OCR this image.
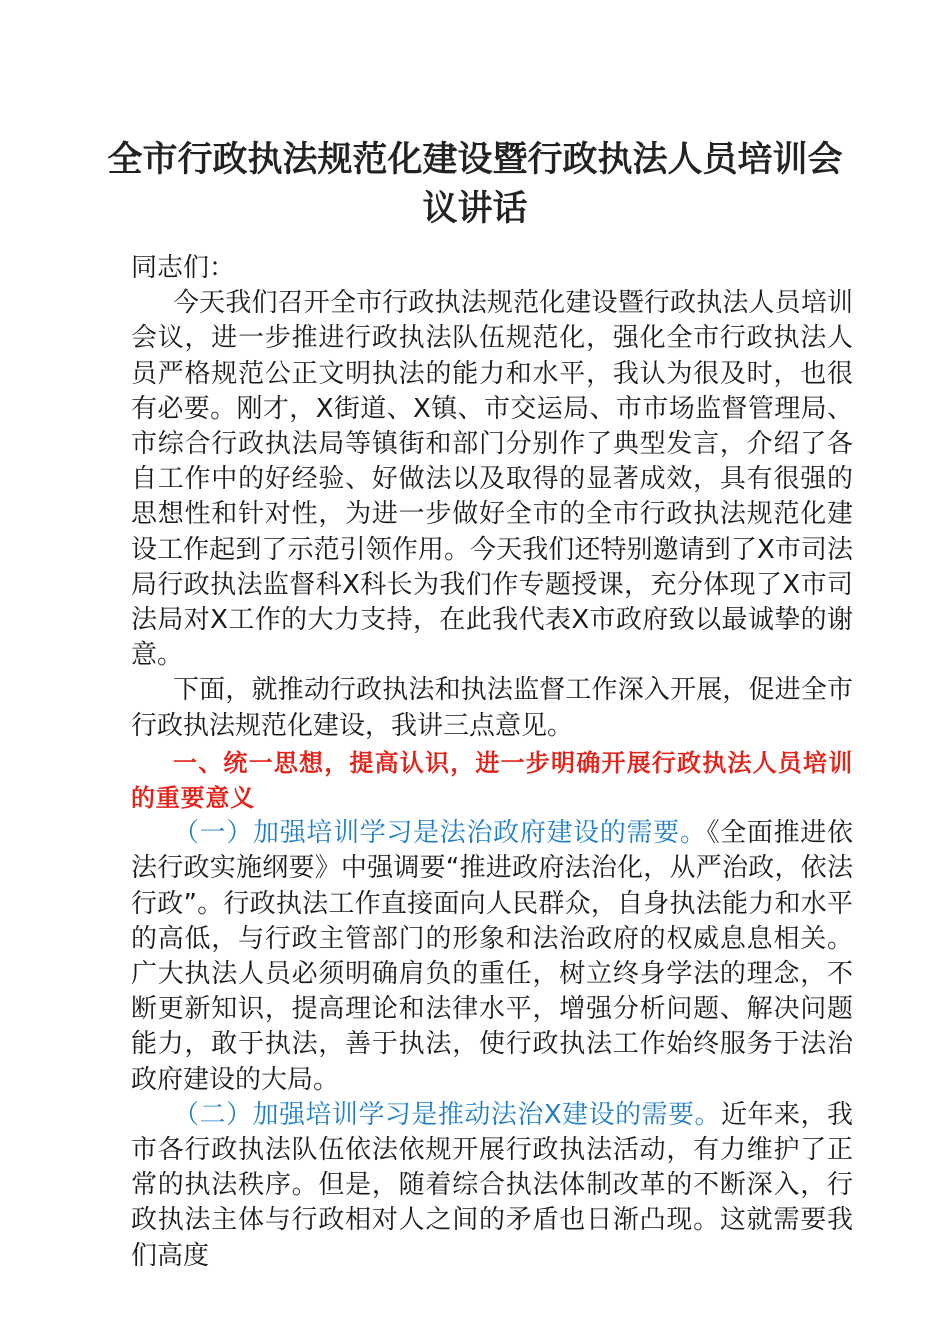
全市行政执法规范化建设暨行政执法人员培训会议讲话

同志们：

今天我们召开全市行政执法规范化建设暨行政执法人员培训会议，进一步推进行政执法队伍规范化，强化全市行政执法人员严格规范公正文明执法的能力和水平，我认为很及时，也很有必要。刚才，X街道、X镇、市交运局、市市场监督管理局、市综合行政执法局等镇街和部门分别作了典型发言，介绍了各自工作中的好经验、好做法以及取得的显著成效，具有很强的思想性和针对性，为进一步做好全市的全市行政执法规范化建设工作起到了示范引领作用。今天我们还特别邀请到了X市司法局行政执法监督科X科长为我们作专题授课，充分体现了X市司法局对X工作的大力支持，在此我代表X市政府致以最诚挚的谢意。

下面，就推动行政执法和执法监督工作深入开展，促进全市行政执法规范化建设，我讲三点意见。

一、统一思想，提高认识，进一步明确开展行政执法人员培训的重要意义

（一）加强培训学习是法治政府建设的需要。《全面推进依法行政实施纲要》中强调要“推进政府法治化，从严治政，依法行政”。行政执法工作直接面向人民群众，自身执法能力和水平的高低，与行政主管部门的形象和法治政府的权威息息相关。广大执法人员必须明确肩负的重任，树立终身学法的理念，不断更新知识，提高理论和法律水平，增强分析问题、解决问题能力，敢于执法，善于执法，使行政执法工作始终服务于法治政府建设的大局。

（二）加强培训学习是推动法治X建设的需要。近年来，我市各行政执法队伍依法依规开展行政执法活动，有力维护了正常的执法秩序。但是，随着综合执法体制改革的不断深入，行政执法主体与行政相对人之间的矛盾也日渐凸现。这就需要我们高度
